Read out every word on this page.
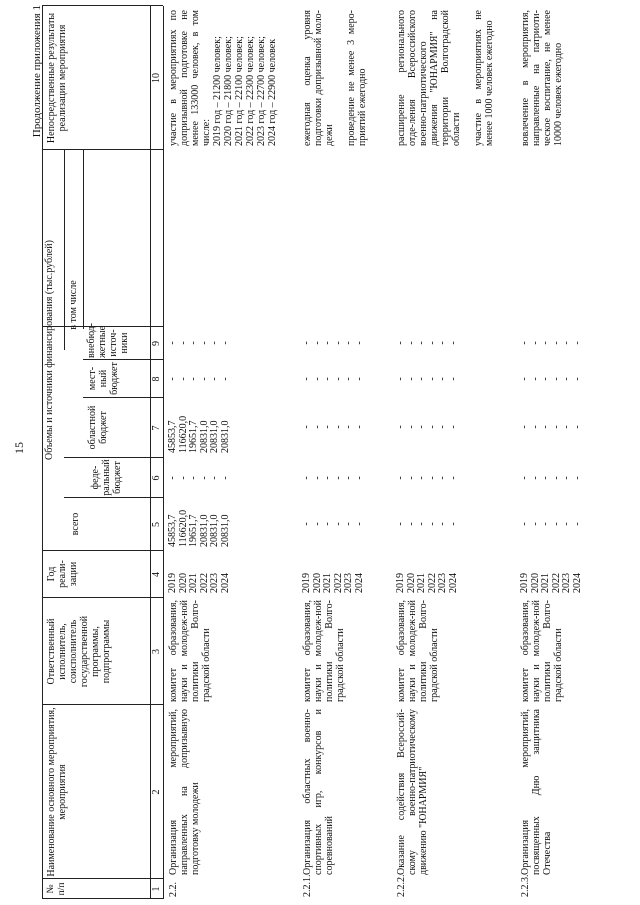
15
Продолжение приложения 1
№ п/п
Наименование основного мероприятия, мероприятия
Ответственный исполнитель, соисполнитель государственной программы, подпрограммы
Год реали-зации
Объемы и источники финансирования (тыс.рублей)
всего
в том числе
феде-ральный бюджет
областной бюджет
мест-ный бюджет
внебюд-жетные источ-ники
Непосредственные результаты реализации мероприятия
1
2
3
4
5
6
7
8
9
10
2.2.
Организация мероприятий, направленных на допризывную подготовку молодежи
комитет образования, науки и молодеж-ной политики Волго-градской области
2019
2020
2021
2022
2023
2024
45853,7
116620,0
19651,7
20831,0
20831,0
20831,0
-
-
-
-
-
-
45853,7
116620,0
19651,7
20831,0
20831,0
20831,0
-
-
-
-
-
-
-
-
-
-
-
-
участие в мероприятиях по допризывной подготовке не менее 133000 человек, в том числе:
2019 год – 21200 человек;
2020 год – 21800 человек;
2021 год – 22100 человек;
2022 год – 22300 человек;
2023 год – 22700 человек;
2024 год – 22900 человек
2.2.1.
Организация областных военно-спортивных игр, конкурсов и соревнований
комитет образования, науки и молодеж-ной политики Волго-градской области
2019
2020
2021
2022
2023
2024
-
-
-
-
-
-
-
-
-
-
-
-
-
-
-
-
-
-
-
-
-
-
-
-
-
-
-
-
-
-
ежегодная оценка уровня подготовки допризывной моло-дежи

проведение не менее 3 меро-приятий ежегодно
2.2.2.
Оказание содействия Всероссий-скому военно-патриотическому движению "ЮНАРМИЯ"
комитет образования, науки и молодеж-ной политики Волго-градской области
2019
2020
2021
2022
2023
2024
-
-
-
-
-
-
-
-
-
-
-
-
-
-
-
-
-
-
-
-
-
-
-
-
-
-
-
-
-
-
расширение регионального отде-ления Всероссийского военно-патриотического движения "ЮНАРМИЯ" на территории Волгоградской области

участие в мероприятиях не менее 1000 человек ежегодно
2.2.3.
Организация мероприятий, посвященных Дню защитника Отечества
комитет образования, науки и молодеж-ной политики Волго-градской области
2019
2020
2021
2022
2023
2024
-
-
-
-
-
-
-
-
-
-
-
-
-
-
-
-
-
-
-
-
-
-
-
-
-
-
-
-
-
-
вовлечение в мероприятия, направленные на патриоти-ческое воспитание, не менее 10000 человек ежегодно
